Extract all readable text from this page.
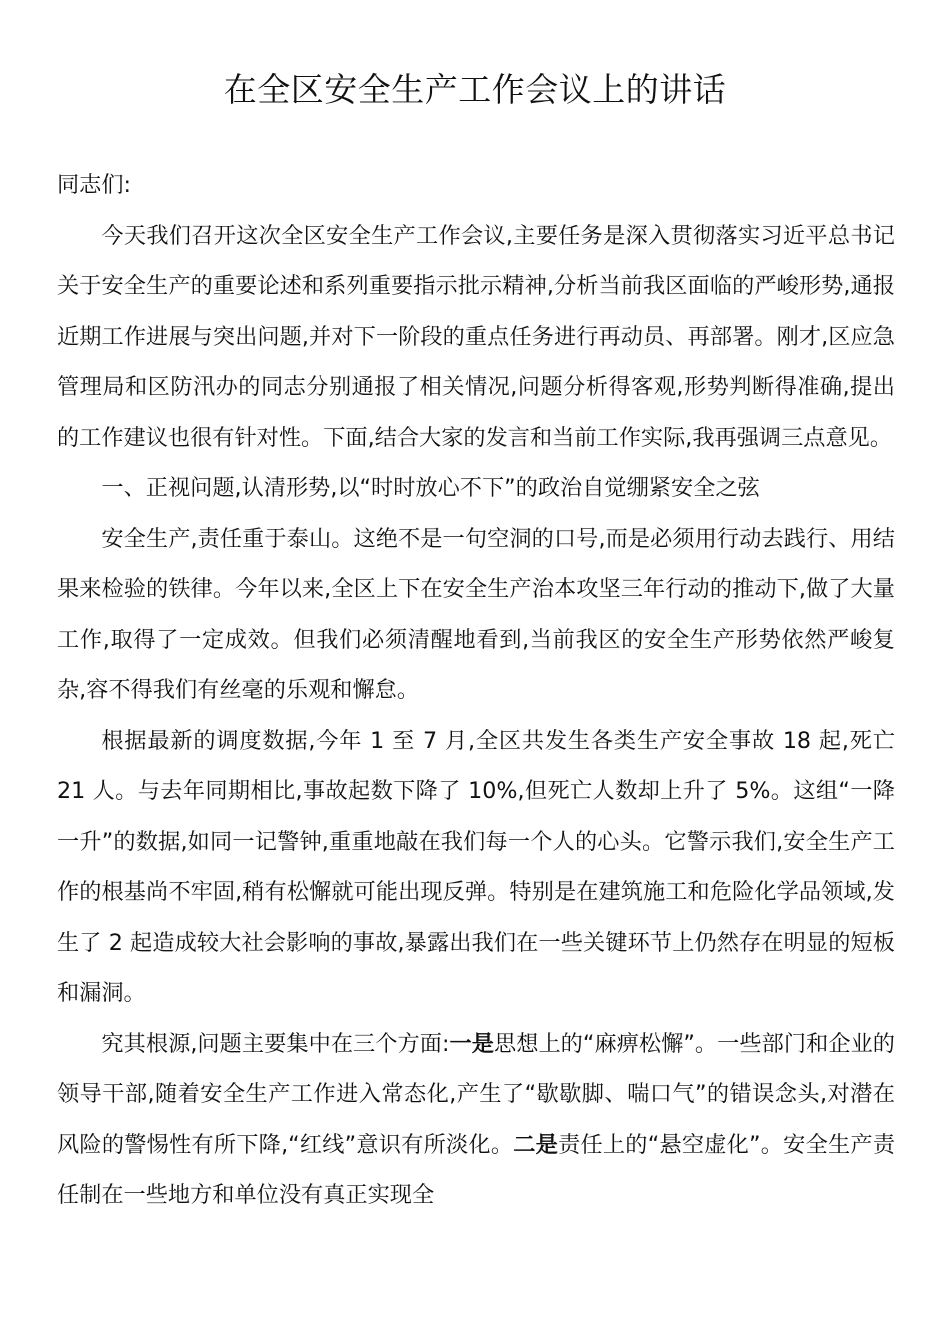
在全区安全生产工作会议上的讲话

同志们:

今天我们召开这次全区安全生产工作会议,主要任务是深入贯彻落实习近平总书记关于安全生产的重要论述和系列重要指示批示精神,分析当前我区面临的严峻形势,通报近期工作进展与突出问题,并对下一阶段的重点任务进行再动员、再部署。刚才,区应急管理局和区防汛办的同志分别通报了相关情况,问题分析得客观,形势判断得准确,提出的工作建议也很有针对性。下面,结合大家的发言和当前工作实际,我再强调三点意见。

一、正视问题,认清形势,以“时时放心不下”的政治自觉绷紧安全之弦

安全生产,责任重于泰山。这绝不是一句空洞的口号,而是必须用行动去践行、用结果来检验的铁律。今年以来,全区上下在安全生产治本攻坚三年行动的推动下,做了大量工作,取得了一定成效。但我们必须清醒地看到,当前我区的安全生产形势依然严峻复杂,容不得我们有丝毫的乐观和懈怠。

根据最新的调度数据,今年 1 至 7 月,全区共发生各类生产安全事故 18 起,死亡 21 人。与去年同期相比,事故起数下降了 10%,但死亡人数却上升了 5%。这组“一降一升”的数据,如同一记警钟,重重地敲在我们每一个人的心头。它警示我们,安全生产工作的根基尚不牢固,稍有松懈就可能出现反弹。特别是在建筑施工和危险化学品领域,发生了 2 起造成较大社会影响的事故,暴露出我们在一些关键环节上仍然存在明显的短板和漏洞。

究其根源,问题主要集中在三个方面:一是思想上的“麻痹松懈”。一些部门和企业的领导干部,随着安全生产工作进入常态化,产生了“歇歇脚、喘口气”的错误念头,对潜在风险的警惕性有所下降,“红线”意识有所淡化。二是责任上的“悬空虚化”。安全生产责任制在一些地方和单位没有真正实现全
